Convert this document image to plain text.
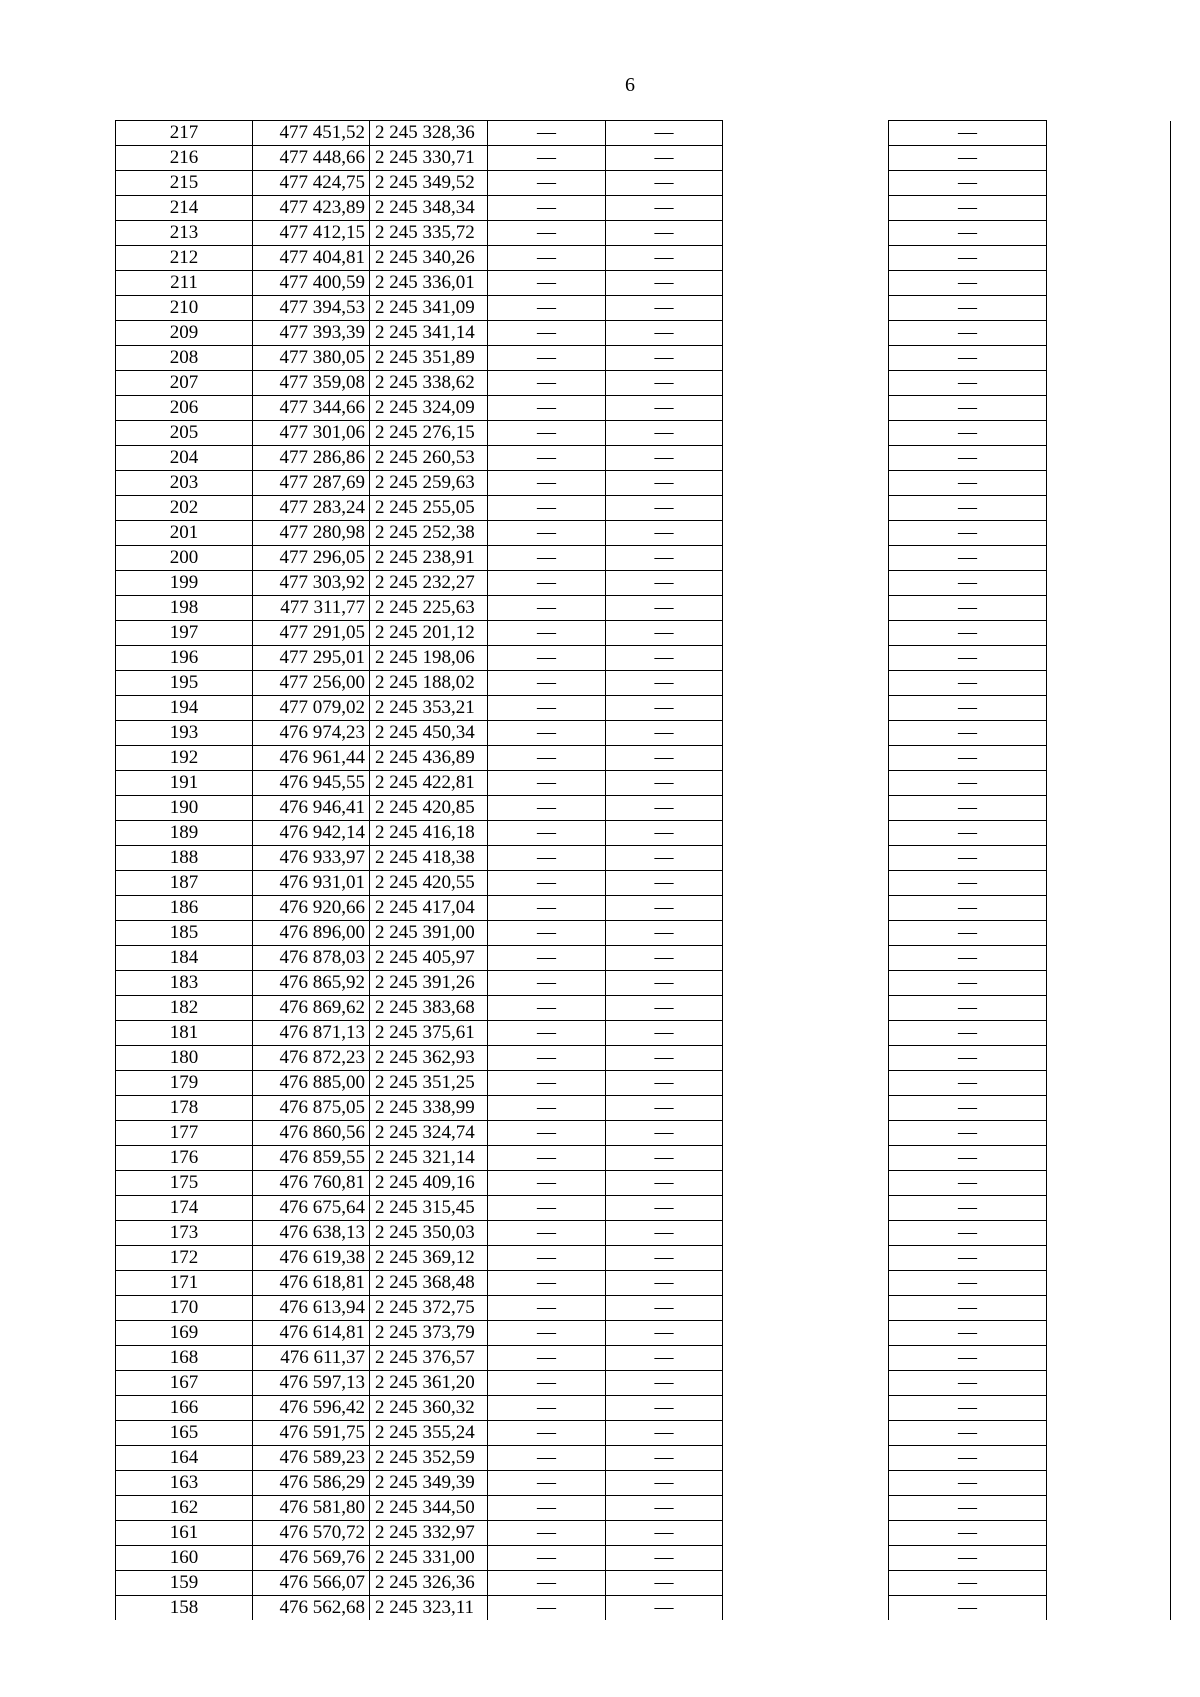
6
217	477 451,52	2 245 328,36	—	—		—	
216	477 448,66	2 245 330,71	—	—		—	
215	477 424,75	2 245 349,52	—	—		—	
214	477 423,89	2 245 348,34	—	—		—	
213	477 412,15	2 245 335,72	—	—		—	
212	477 404,81	2 245 340,26	—	—		—	
211	477 400,59	2 245 336,01	—	—		—	
210	477 394,53	2 245 341,09	—	—		—	
209	477 393,39	2 245 341,14	—	—		—	
208	477 380,05	2 245 351,89	—	—		—	
207	477 359,08	2 245 338,62	—	—		—	
206	477 344,66	2 245 324,09	—	—		—	
205	477 301,06	2 245 276,15	—	—		—	
204	477 286,86	2 245 260,53	—	—		—	
203	477 287,69	2 245 259,63	—	—		—	
202	477 283,24	2 245 255,05	—	—		—	
201	477 280,98	2 245 252,38	—	—		—	
200	477 296,05	2 245 238,91	—	—		—	
199	477 303,92	2 245 232,27	—	—		—	
198	477 311,77	2 245 225,63	—	—		—	
197	477 291,05	2 245 201,12	—	—		—	
196	477 295,01	2 245 198,06	—	—		—	
195	477 256,00	2 245 188,02	—	—		—	
194	477 079,02	2 245 353,21	—	—		—	
193	476 974,23	2 245 450,34	—	—		—	
192	476 961,44	2 245 436,89	—	—		—	
191	476 945,55	2 245 422,81	—	—		—	
190	476 946,41	2 245 420,85	—	—		—	
189	476 942,14	2 245 416,18	—	—		—	
188	476 933,97	2 245 418,38	—	—		—	
187	476 931,01	2 245 420,55	—	—		—	
186	476 920,66	2 245 417,04	—	—		—	
185	476 896,00	2 245 391,00	—	—		—	
184	476 878,03	2 245 405,97	—	—		—	
183	476 865,92	2 245 391,26	—	—		—	
182	476 869,62	2 245 383,68	—	—		—	
181	476 871,13	2 245 375,61	—	—		—	
180	476 872,23	2 245 362,93	—	—		—	
179	476 885,00	2 245 351,25	—	—		—	
178	476 875,05	2 245 338,99	—	—		—	
177	476 860,56	2 245 324,74	—	—		—	
176	476 859,55	2 245 321,14	—	—		—	
175	476 760,81	2 245 409,16	—	—		—	
174	476 675,64	2 245 315,45	—	—		—	
173	476 638,13	2 245 350,03	—	—		—	
172	476 619,38	2 245 369,12	—	—		—	
171	476 618,81	2 245 368,48	—	—		—	
170	476 613,94	2 245 372,75	—	—		—	
169	476 614,81	2 245 373,79	—	—		—	
168	476 611,37	2 245 376,57	—	—		—	
167	476 597,13	2 245 361,20	—	—		—	
166	476 596,42	2 245 360,32	—	—		—	
165	476 591,75	2 245 355,24	—	—		—	
164	476 589,23	2 245 352,59	—	—		—	
163	476 586,29	2 245 349,39	—	—		—	
162	476 581,80	2 245 344,50	—	—		—	
161	476 570,72	2 245 332,97	—	—		—	
160	476 569,76	2 245 331,00	—	—		—	
159	476 566,07	2 245 326,36	—	—		—	
158	476 562,68	2 245 323,11	—	—		—	
